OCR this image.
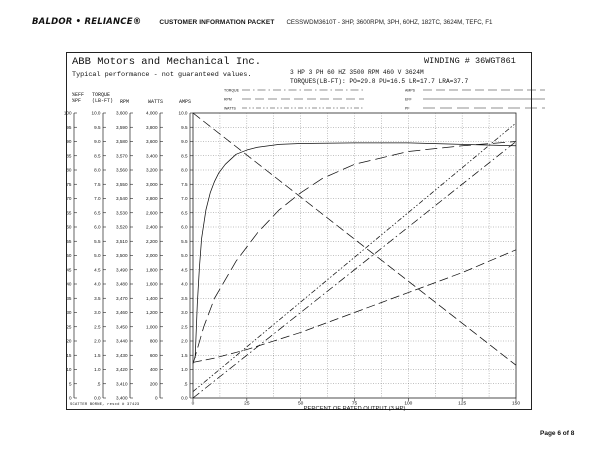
BALDOR • RELIANCE®	CUSTOMER INFORMATION PACKET CESSWDM3610T - 3HP, 3600RPM, 3PH, 60HZ, 182TC, 3624M, TEFC, F1
ABB Motors and Mechanical Inc.
Typical performance - not guaranteed values.
WINDING # 36WGT861
3 HP 3 PH 60 HZ 3500 RPM 460 V 3624M
TORQUES(LB-FT): PO=29.8 PU=16.5 LR=17.7 LRA=37.7
100
95
90
85
80
75
70
65
60
55
50
45
40
35
30
25
20
15
10
5
0
10.0
9.5
9.0
8.5
8.0
7.5
7.0
6.5
6.0
5.5
5.0
4.5
4.0
3.5
3.0
2.5
2.0
1.5
1.0
.5
0.0
3,600
3,590
3,580
3,570
3,560
3,550
3,540
3,530
3,520
3,510
3,500
3,490
3,480
3,470
3,460
3,450
3,440
3,430
3,420
3,410
3,400
4,000
3,800
3,600
3,400
3,200
3,000
2,800
2,600
2,400
2,200
2,000
1,800
1,600
1,400
1,200
1,000
800
600
400
200
0
10.0
9.5
9.0
8.5
8.0
7.5
7.0
6.5
6.0
5.5
5.0
4.5
4.0
3.5
3.0
2.5
2.0
1.5
1.0
.5
0.0
%EFF
%PF
TORQUE
(LB-FT) RPM	WATTS	AMPS
0	25	50	75	100	125	150
PERCENT OF RATED OUTPUT (3 HP)
TORQUE
RPM
WATTS
AMPS
EFF
PF
SCATTER BORNE, rescd # 37423
Page 6 of 8
